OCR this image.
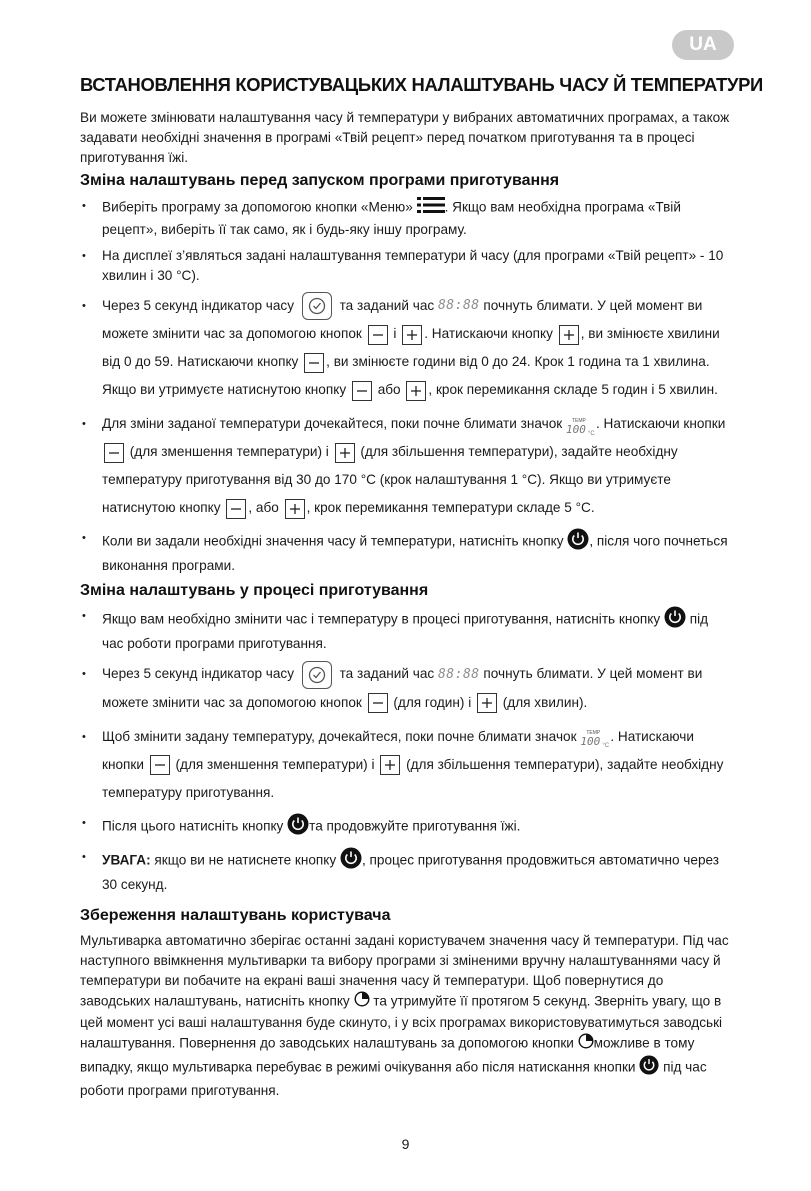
UA
ВСТАНОВЛЕННЯ КОРИСТУВАЦЬКИХ НАЛАШТУВАНЬ ЧАСУ Й ТЕМПЕРАТУРИ

Ви можете змінювати налаштування часу й температури у вибраних автоматичних програмах, а також задавати необхідні значення в програмі «Твій рецепт» перед початком приготування та в процесі приготування їжі.

Зміна налаштувань перед запуском програми приготування
• Виберіть програму за допомогою кнопки «Меню» . Якщо вам необхідна програма «Твій рецепт», виберіть її так само, як і будь-яку іншу програму.
• На дисплеї з’являться задані налаштування температури й часу (для програми «Твій рецепт» - 10 хвилин і 30 °С).
• Через 5 секунд індикатор часу	та заданий час 88:88 почнуть блимати. У цей момент ви можете змінити час за допомогою кнопок і . Натискаючи кнопку , ви змінюєте хвилини від 0 до 59. Натискаючи кнопку , ви змінюєте години від 0 до 24. Крок 1 година та 1 хвилина. Якщо ви утримуєте натиснутою кнопку або , крок перемикання складе 5 годин і 5 хвилин.
• Для зміни заданої температури дочекайтеся, поки почне блимати значок TEMP
100 °C
. Натискаючи кнопки
(для зменшення температури) і (для збільшення температури), задайте необхідну температуру приготування від 30 до 170 °С (крок налаштування 1 °С). Якщо ви утримуєте натиснутою кнопку , або , крок перемикання температури складе 5 °С.
• Коли ви задали необхідні значення часу й температури, натисніть кнопку , після чого почнеться виконання програми.
Зміна налаштувань у процесі приготування
• Якщо вам необхідно змінити час і температуру в процесі приготування, натисніть кнопку під час роботи програми приготування.
• Через 5 секунд індикатор часу	та заданий час 88:88 почнуть блимати. У цей момент ви можете змінити час за допомогою кнопок (для годин) і (для хвилин).
• Щоб змінити задану температуру, дочекайтеся, поки почне блимати значок TEMP
100 °C
. Натискаючи кнопки (для зменшення температури) і (для збільшення температури), задайте необхідну температуру приготування.
• Після цього натисніть кнопку та продовжуйте приготування їжі.
• УВАГА: якщо ви не натиснете кнопку , процес приготування продовжиться автоматично через 30 секунд.
Збереження налаштувань користувача

Мультиварка автоматично зберігає останні задані користувачем значення часу й температури. Під час наступного ввімкнення мультиварки та вибору програми зі зміненими вручну налаштуваннями часу й температури ви побачите на екрані ваші значення часу й температури. Щоб повернутися до заводських налаштувань, натисніть кнопку та утримуйте її протягом 5 секунд. Зверніть увагу, що в цей момент усі ваші налаштування буде скинуто, і у всіх програмах використовуватимуться заводські налаштування. Повернення до заводських налаштувань за допомогою кнопки можливе в тому випадку, якщо мультиварка перебуває в режимі очікування або після натискання кнопки під час роботи програми приготування.

9
